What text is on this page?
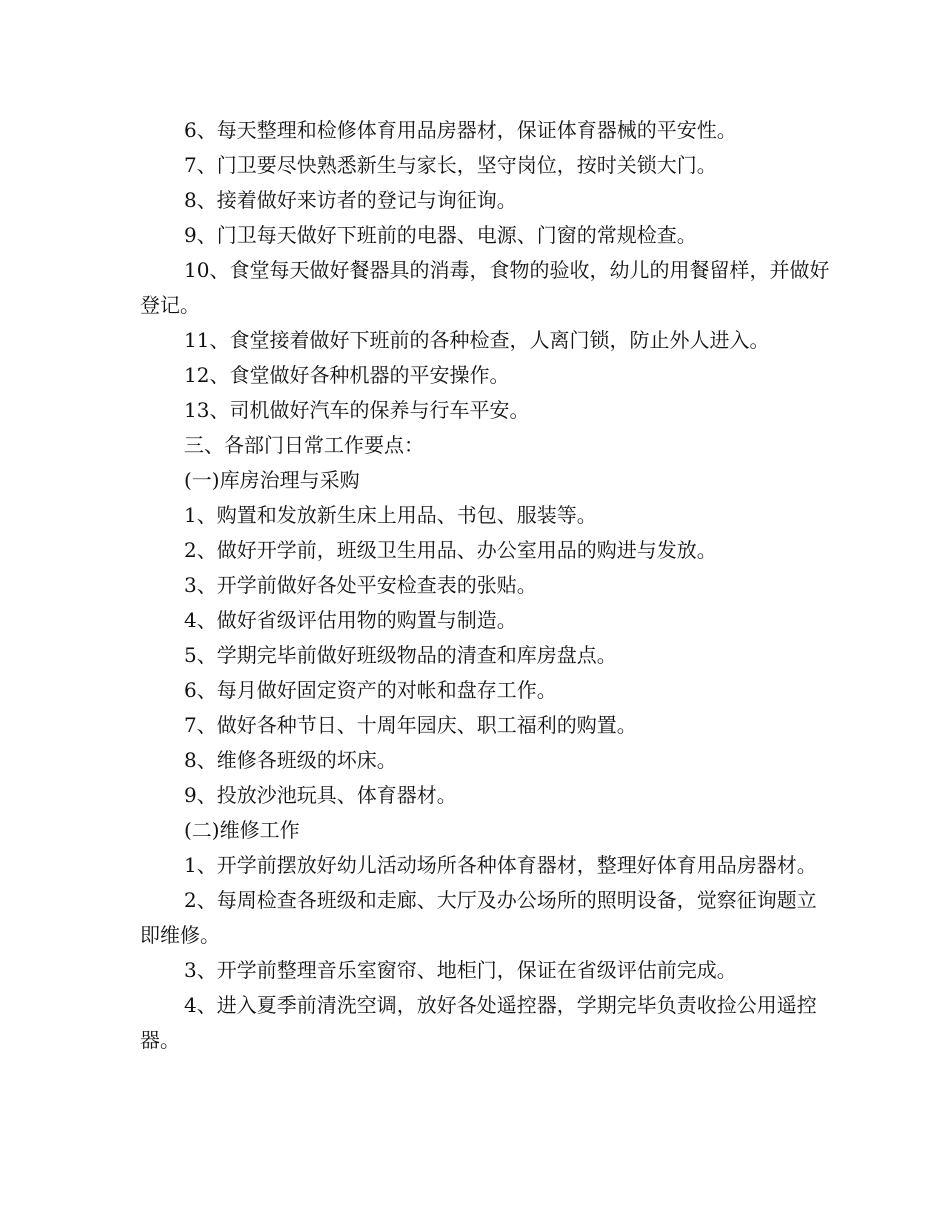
6、每天整理和检修体育用品房器材，保证体育器械的平安性。

7、门卫要尽快熟悉新生与家长，坚守岗位，按时关锁大门。

8、接着做好来访者的登记与询征询。

9、门卫每天做好下班前的电器、电源、门窗的常规检查。

10、食堂每天做好餐器具的消毒，食物的验收，幼儿的用餐留样，并做好登记。

11、食堂接着做好下班前的各种检查，人离门锁，防止外人进入。

12、食堂做好各种机器的平安操作。

13、司机做好汽车的保养与行车平安。

三、各部门日常工作要点：

(一)库房治理与采购

1、购置和发放新生床上用品、书包、服装等。

2、做好开学前，班级卫生用品、办公室用品的购进与发放。

3、开学前做好各处平安检查表的张贴。

4、做好省级评估用物的购置与制造。

5、学期完毕前做好班级物品的清查和库房盘点。

6、每月做好固定资产的对帐和盘存工作。

7、做好各种节日、十周年园庆、职工福利的购置。

8、维修各班级的坏床。

9、投放沙池玩具、体育器材。

(二)维修工作

1、开学前摆放好幼儿活动场所各种体育器材，整理好体育用品房器材。

2、每周检查各班级和走廊、大厅及办公场所的照明设备，觉察征询题立即维修。

3、开学前整理音乐室窗帘、地柜门，保证在省级评估前完成。

4、进入夏季前清洗空调，放好各处遥控器，学期完毕负责收捡公用遥控器。
